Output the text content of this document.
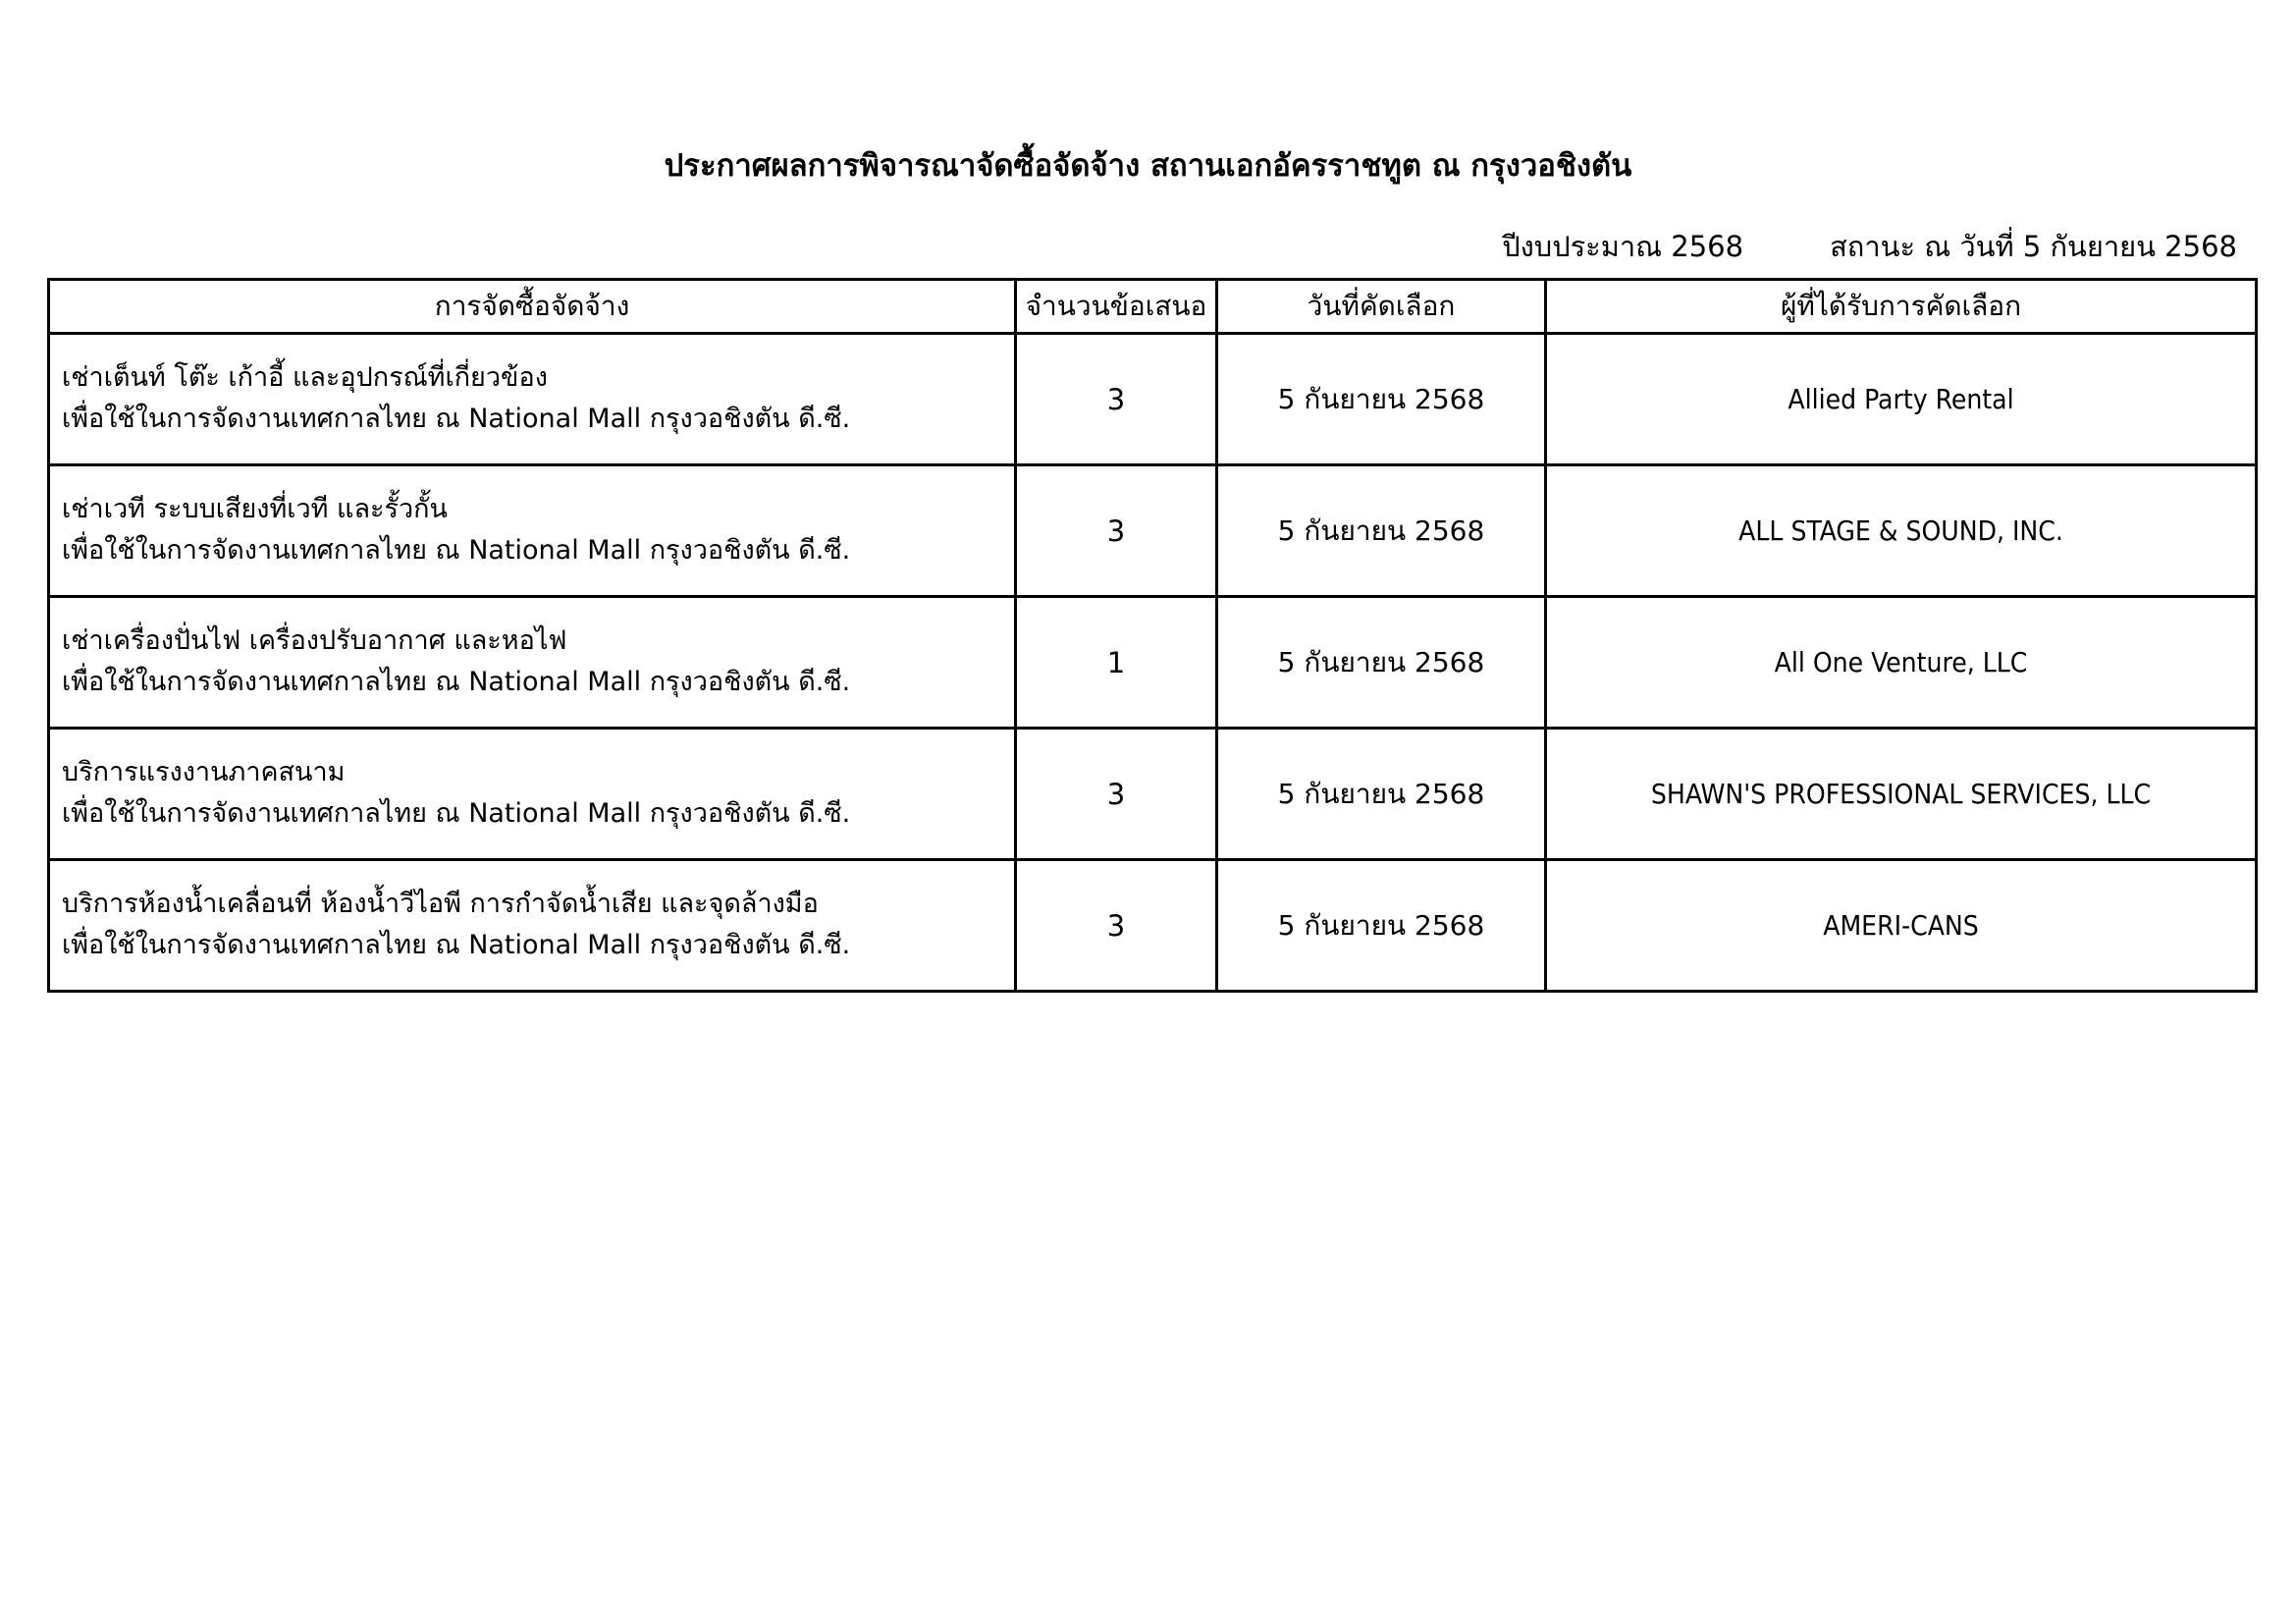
ประกาศผลการพิจารณาจัดซื้อจัดจ้าง สถานเอกอัครราชทูต ณ กรุงวอชิงตัน
ปีงบประมาณ 2568	สถานะ ณ วันที่ 5 กันยายน 2568
การจัดซื้อจัดจ้าง	จำนวนข้อเสนอ	วันที่คัดเลือก	ผู้ที่ได้รับการคัดเลือก

เช่าเต็นท์ โต๊ะ เก้าอี้ และอุปกรณ์ที่เกี่ยวข้อง
เพื่อใช้ในการจัดงานเทศกาลไทย ณ National Mall กรุงวอชิงตัน ดี.ซี.	3	5 กันยายน 2568	Allied Party Rental

เช่าเวที ระบบเสียงที่เวที และรั้วกั้น
เพื่อใช้ในการจัดงานเทศกาลไทย ณ National Mall กรุงวอชิงตัน ดี.ซี.	3	5 กันยายน 2568	ALL STAGE & SOUND, INC.

เช่าเครื่องปั่นไฟ เครื่องปรับอากาศ และหอไฟ
เพื่อใช้ในการจัดงานเทศกาลไทย ณ National Mall กรุงวอชิงตัน ดี.ซี.	1	5 กันยายน 2568	All One Venture, LLC

บริการแรงงานภาคสนาม
เพื่อใช้ในการจัดงานเทศกาลไทย ณ National Mall กรุงวอชิงตัน ดี.ซี.	3	5 กันยายน 2568	SHAWN'S PROFESSIONAL SERVICES, LLC

บริการห้องน้ำเคลื่อนที่ ห้องน้ำวีไอพี การกำจัดน้ำเสีย และจุดล้างมือ
เพื่อใช้ในการจัดงานเทศกาลไทย ณ National Mall กรุงวอชิงตัน ดี.ซี.	3	5 กันยายน 2568	AMERI-CANS
